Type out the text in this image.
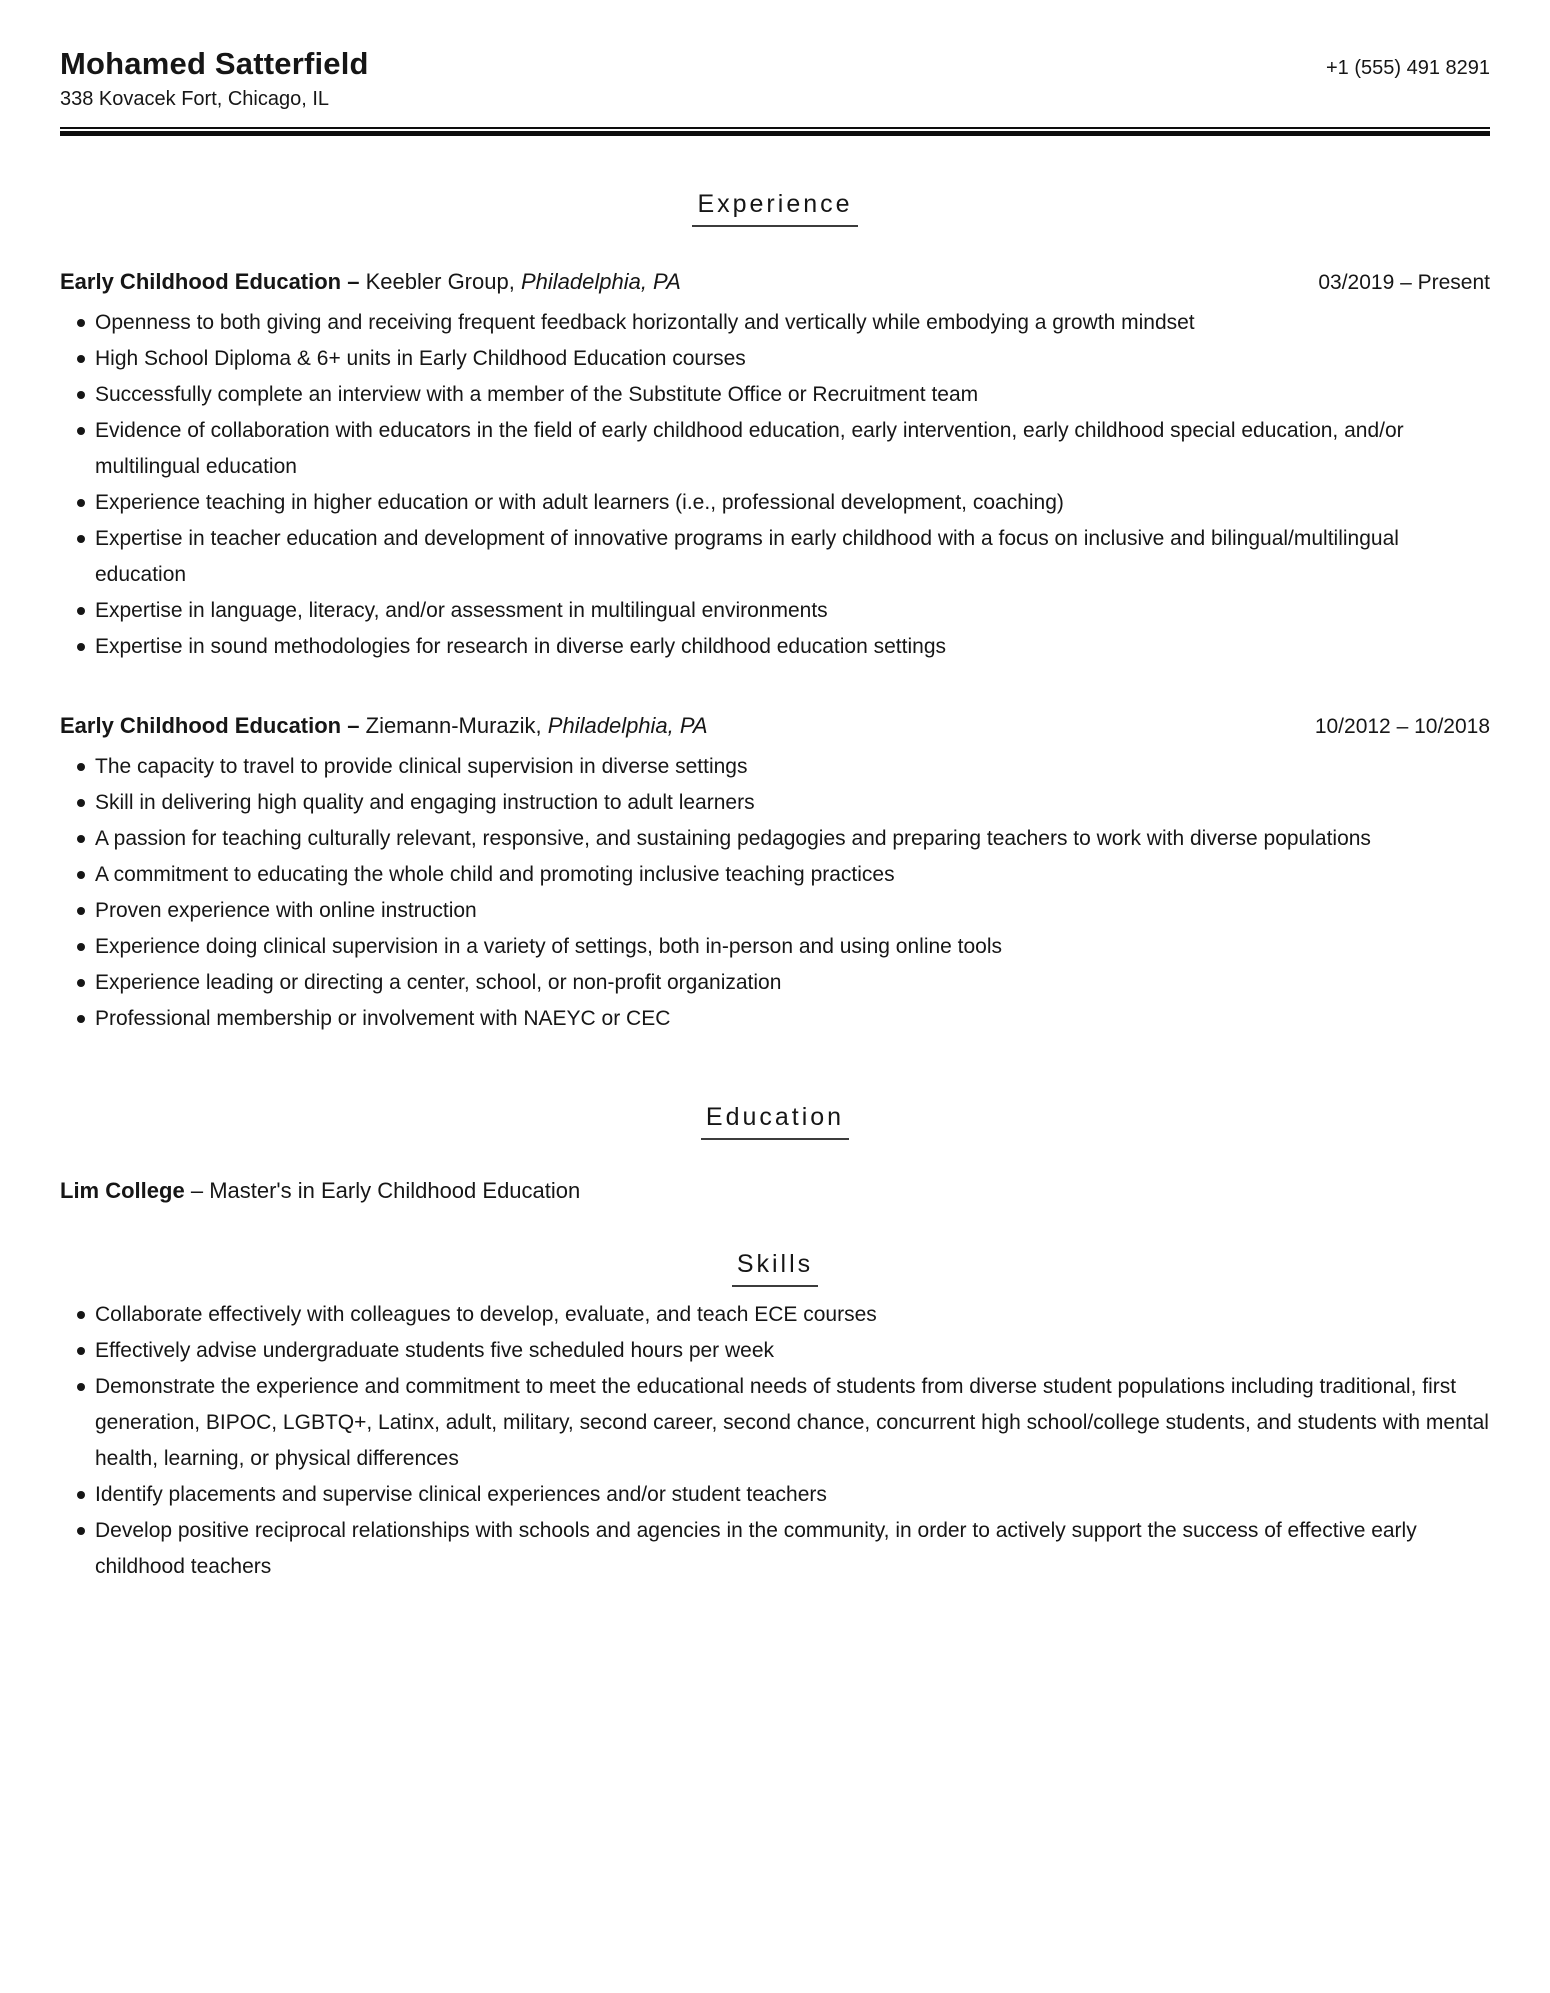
Mohamed Satterfield
338 Kovacek Fort, Chicago, IL
+1 (555) 491 8291
Experience
Early Childhood Education – Keebler Group, Philadelphia, PA	03/2019 – Present
Openness to both giving and receiving frequent feedback horizontally and vertically while embodying a growth mindset
High School Diploma & 6+ units in Early Childhood Education courses
Successfully complete an interview with a member of the Substitute Office or Recruitment team
Evidence of collaboration with educators in the field of early childhood education, early intervention, early childhood special education, and/or multilingual education
Experience teaching in higher education or with adult learners (i.e., professional development, coaching)
Expertise in teacher education and development of innovative programs in early childhood with a focus on inclusive and bilingual/multilingual education
Expertise in language, literacy, and/or assessment in multilingual environments
Expertise in sound methodologies for research in diverse early childhood education settings
Early Childhood Education – Ziemann-Murazik, Philadelphia, PA	10/2012 – 10/2018
The capacity to travel to provide clinical supervision in diverse settings
Skill in delivering high quality and engaging instruction to adult learners
A passion for teaching culturally relevant, responsive, and sustaining pedagogies and preparing teachers to work with diverse populations
A commitment to educating the whole child and promoting inclusive teaching practices
Proven experience with online instruction
Experience doing clinical supervision in a variety of settings, both in-person and using online tools
Experience leading or directing a center, school, or non-profit organization
Professional membership or involvement with NAEYC or CEC
Education
Lim College – Master's in Early Childhood Education
Skills
Collaborate effectively with colleagues to develop, evaluate, and teach ECE courses
Effectively advise undergraduate students five scheduled hours per week
Demonstrate the experience and commitment to meet the educational needs of students from diverse student populations including traditional, first generation, BIPOC, LGBTQ+, Latinx, adult, military, second career, second chance, concurrent high school/college students, and students with mental health, learning, or physical differences
Identify placements and supervise clinical experiences and/or student teachers
Develop positive reciprocal relationships with schools and agencies in the community, in order to actively support the success of effective early childhood teachers
